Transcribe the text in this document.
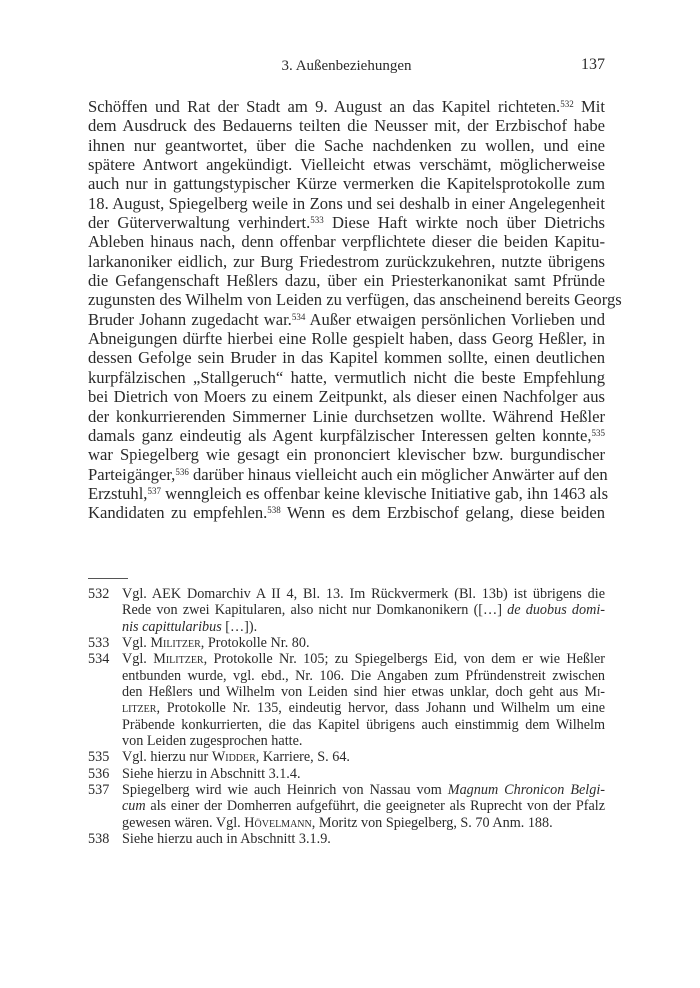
3. Außenbeziehungen	137
Schöffen und Rat der Stadt am 9. August an das Kapitel richteten.$^{532}$ Mit
dem Ausdruck des Bedauerns teilten die Neusser mit, der Erzbischof habe
ihnen nur geantwortet, über die Sache nachdenken zu wollen, und eine
spätere Antwort angekündigt. Vielleicht etwas verschämt, möglicherweise
auch nur in gattungstypischer Kürze vermerken die Kapitelsprotokolle zum
18. August, Spiegelberg weile in Zons und sei deshalb in einer Angelegenheit
der Güterverwaltung verhindert.$^{533}$ Diese Haft wirkte noch über Dietrichs
Ableben hinaus nach, denn offenbar verpflichtete dieser die beiden Kapitu-
larkanoniker eidlich, zur Burg Friedestrom zurückzukehren, nutzte übrigens
die Gefangenschaft Heßlers dazu, über ein Priesterkanonikat samt Pfründe
zugunsten des Wilhelm von Leiden zu verfügen, das anscheinend bereits Georgs
Bruder Johann zugedacht war.$^{534}$ Außer etwaigen persönlichen Vorlieben und
Abneigungen dürfte hierbei eine Rolle gespielt haben, dass Georg Heßler, in
dessen Gefolge sein Bruder in das Kapitel kommen sollte, einen deutlichen
kurpfälzischen „Stallgeruch“ hatte, vermutlich nicht die beste Empfehlung
bei Dietrich von Moers zu einem Zeitpunkt, als dieser einen Nachfolger aus
der konkurrierenden Simmerner Linie durchsetzen wollte. Während Heßler
damals ganz eindeutig als Agent kurpfälzischer Interessen gelten konnte,$^{535}$
war Spiegelberg wie gesagt ein prononciert klevischer bzw. burgundischer
Parteigänger,$^{536}$ darüber hinaus vielleicht auch ein möglicher Anwärter auf den
Erzstuhl,$^{537}$ wenngleich es offenbar keine klevische Initiative gab, ihn 1463 als
Kandidaten zu empfehlen.$^{538}$ Wenn es dem Erzbischof gelang, diese beiden
532 Vgl. AEK Domarchiv A II 4, Bl. 13. Im Rückvermerk (Bl. 13b) ist übrigens die
Rede von zwei Kapitularen, also nicht nur Domkanonikern ([…] de duobus domi-
nis capittularibus […]).
533 Vgl. Militzer, Protokolle Nr. 80.
534 Vgl. Militzer, Protokolle Nr. 105; zu Spiegelbergs Eid, von dem er wie Heßler
entbunden wurde, vgl. ebd., Nr. 106. Die Angaben zum Pfründenstreit zwischen
den Heßlers und Wilhelm von Leiden sind hier etwas unklar, doch geht aus Mi-
litzer, Protokolle Nr. 135, eindeutig hervor, dass Johann und Wilhelm um eine
Präbende konkurrierten, die das Kapitel übrigens auch einstimmig dem Wilhelm
von Leiden zugesprochen hatte.
535 Vgl. hierzu nur Widder, Karriere, S. 64.
536 Siehe hierzu in Abschnitt 3.1.4.
537 Spiegelberg wird wie auch Heinrich von Nassau vom Magnum Chronicon Belgi-
cum als einer der Domherren aufgeführt, die geeigneter als Ruprecht von der Pfalz
gewesen wären. Vgl. Hövelmann, Moritz von Spiegelberg, S. 70 Anm. 188.
538 Siehe hierzu auch in Abschnitt 3.1.9.
